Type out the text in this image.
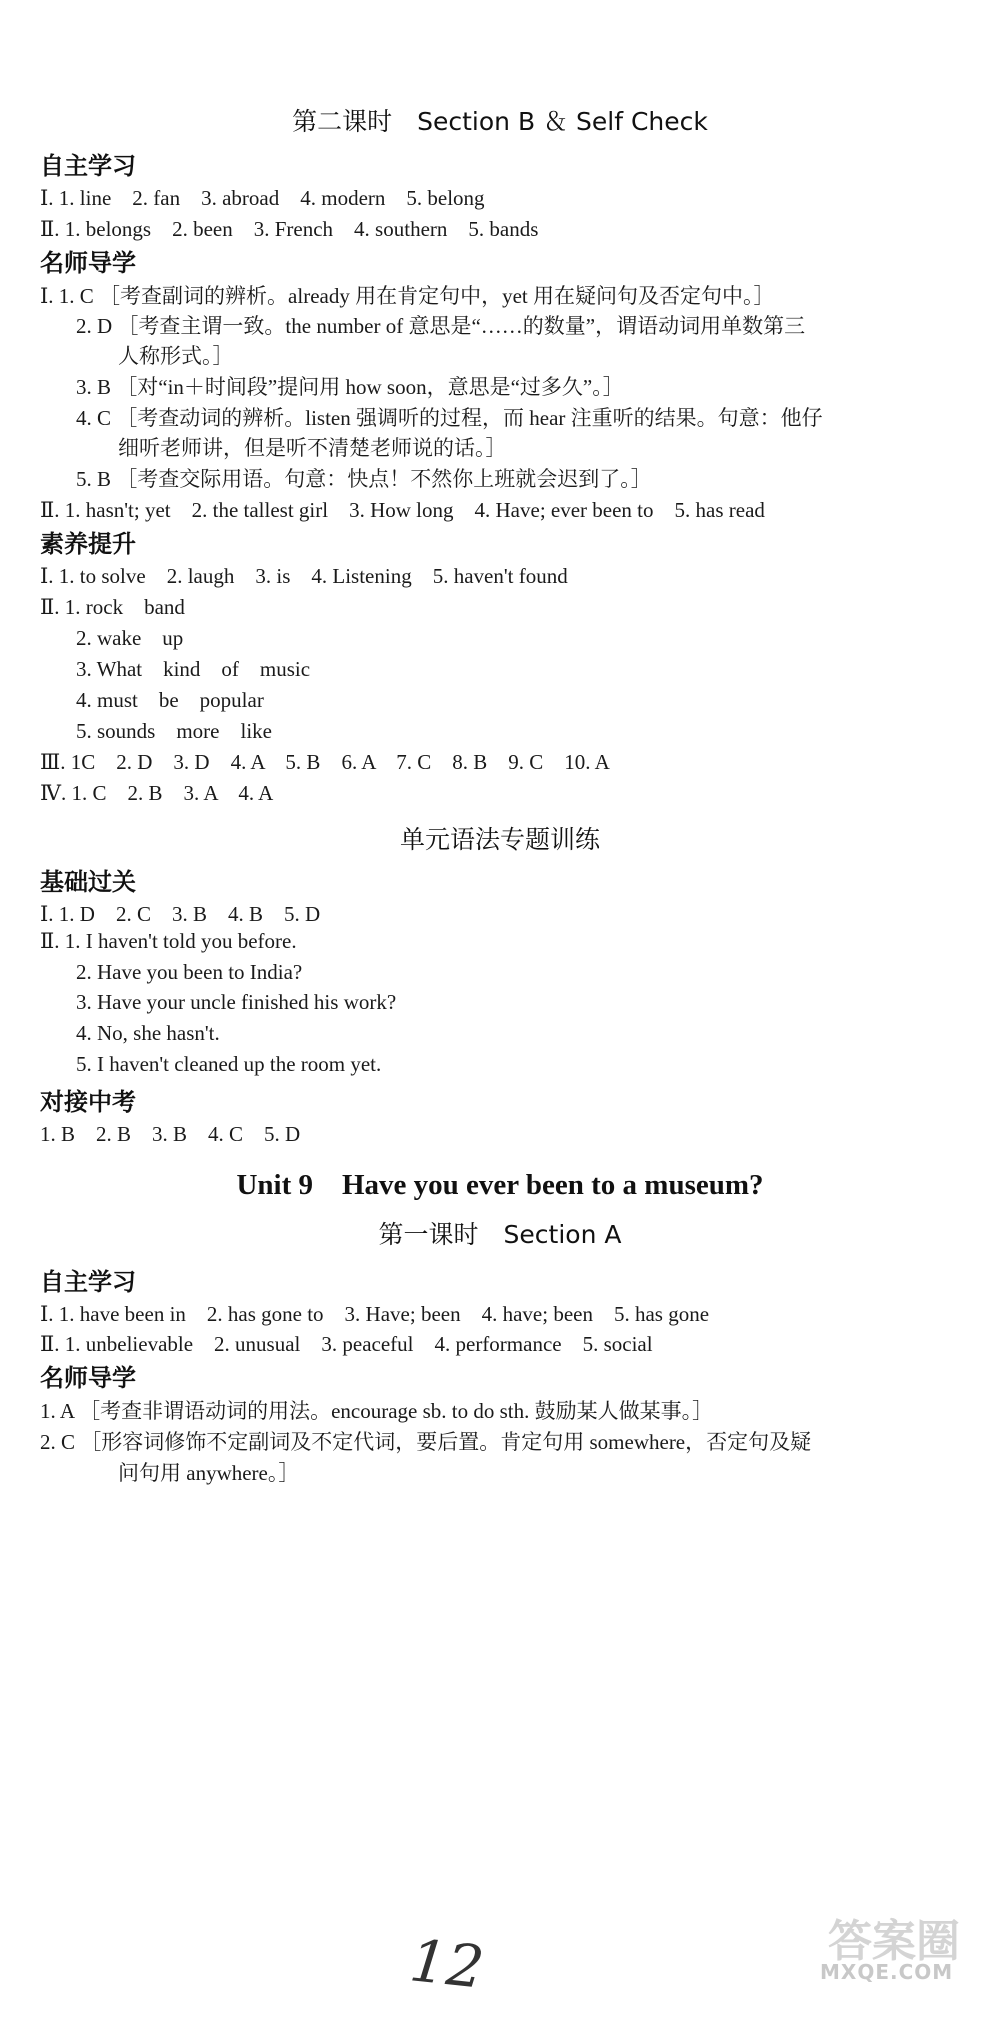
第二课时　Section B ＆ Self Check
自主学习
Ⅰ. 1. line　2. fan　3. abroad　4. modern　5. belong
Ⅱ. 1. belongs　2. been　3. French　4. southern　5. bands
名师导学
Ⅰ. 1. C ［考查副词的辨析。already 用在肯定句中，yet 用在疑问句及否定句中。］
2. D ［考查主谓一致。the number of 意思是“……的数量”，谓语动词用单数第三
人称形式。］
3. B ［对“in＋时间段”提问用 how soon，意思是“过多久”。］
4. C ［考查动词的辨析。listen 强调听的过程，而 hear 注重听的结果。句意：他仔
细听老师讲，但是听不清楚老师说的话。］
5. B ［考查交际用语。句意：快点！不然你上班就会迟到了。］
Ⅱ. 1. hasn't; yet　2. the tallest girl　3. How long　4. Have; ever been to　5. has read
素养提升
Ⅰ. 1. to solve　2. laugh　3. is　4. Listening　5. haven't found
Ⅱ. 1. rock　band
2. wake　up
3. What　kind　of　music
4. must　be　popular
5. sounds　more　like
Ⅲ. 1C　2. D　3. D　4. A　5. B　6. A　7. C　8. B　9. C　10. A
Ⅳ. 1. C　2. B　3. A　4. A
单元语法专题训练
基础过关
Ⅰ. 1. D　2. C　3. B　4. B　5. D
Ⅱ. 1. I haven't told you before.
2. Have you been to India?
3. Have your uncle finished his work?
4. No, she hasn't.
5. I haven't cleaned up the room yet.
对接中考
1. B　2. B　3. B　4. C　5. D
Unit 9　Have you ever been to a museum?
第一课时　Section A
自主学习
Ⅰ. 1. have been in　2. has gone to　3. Have; been　4. have; been　5. has gone
Ⅱ. 1. unbelievable　2. unusual　3. peaceful　4. performance　5. social
名师导学
1. A ［考查非谓语动词的用法。encourage sb. to do sth. 鼓励某人做某事。］
2. C ［形容词修饰不定副词及不定代词，要后置。肯定句用 somewhere，否定句及疑
问句用 anywhere。］
12	答案圈
MXQE.COM
